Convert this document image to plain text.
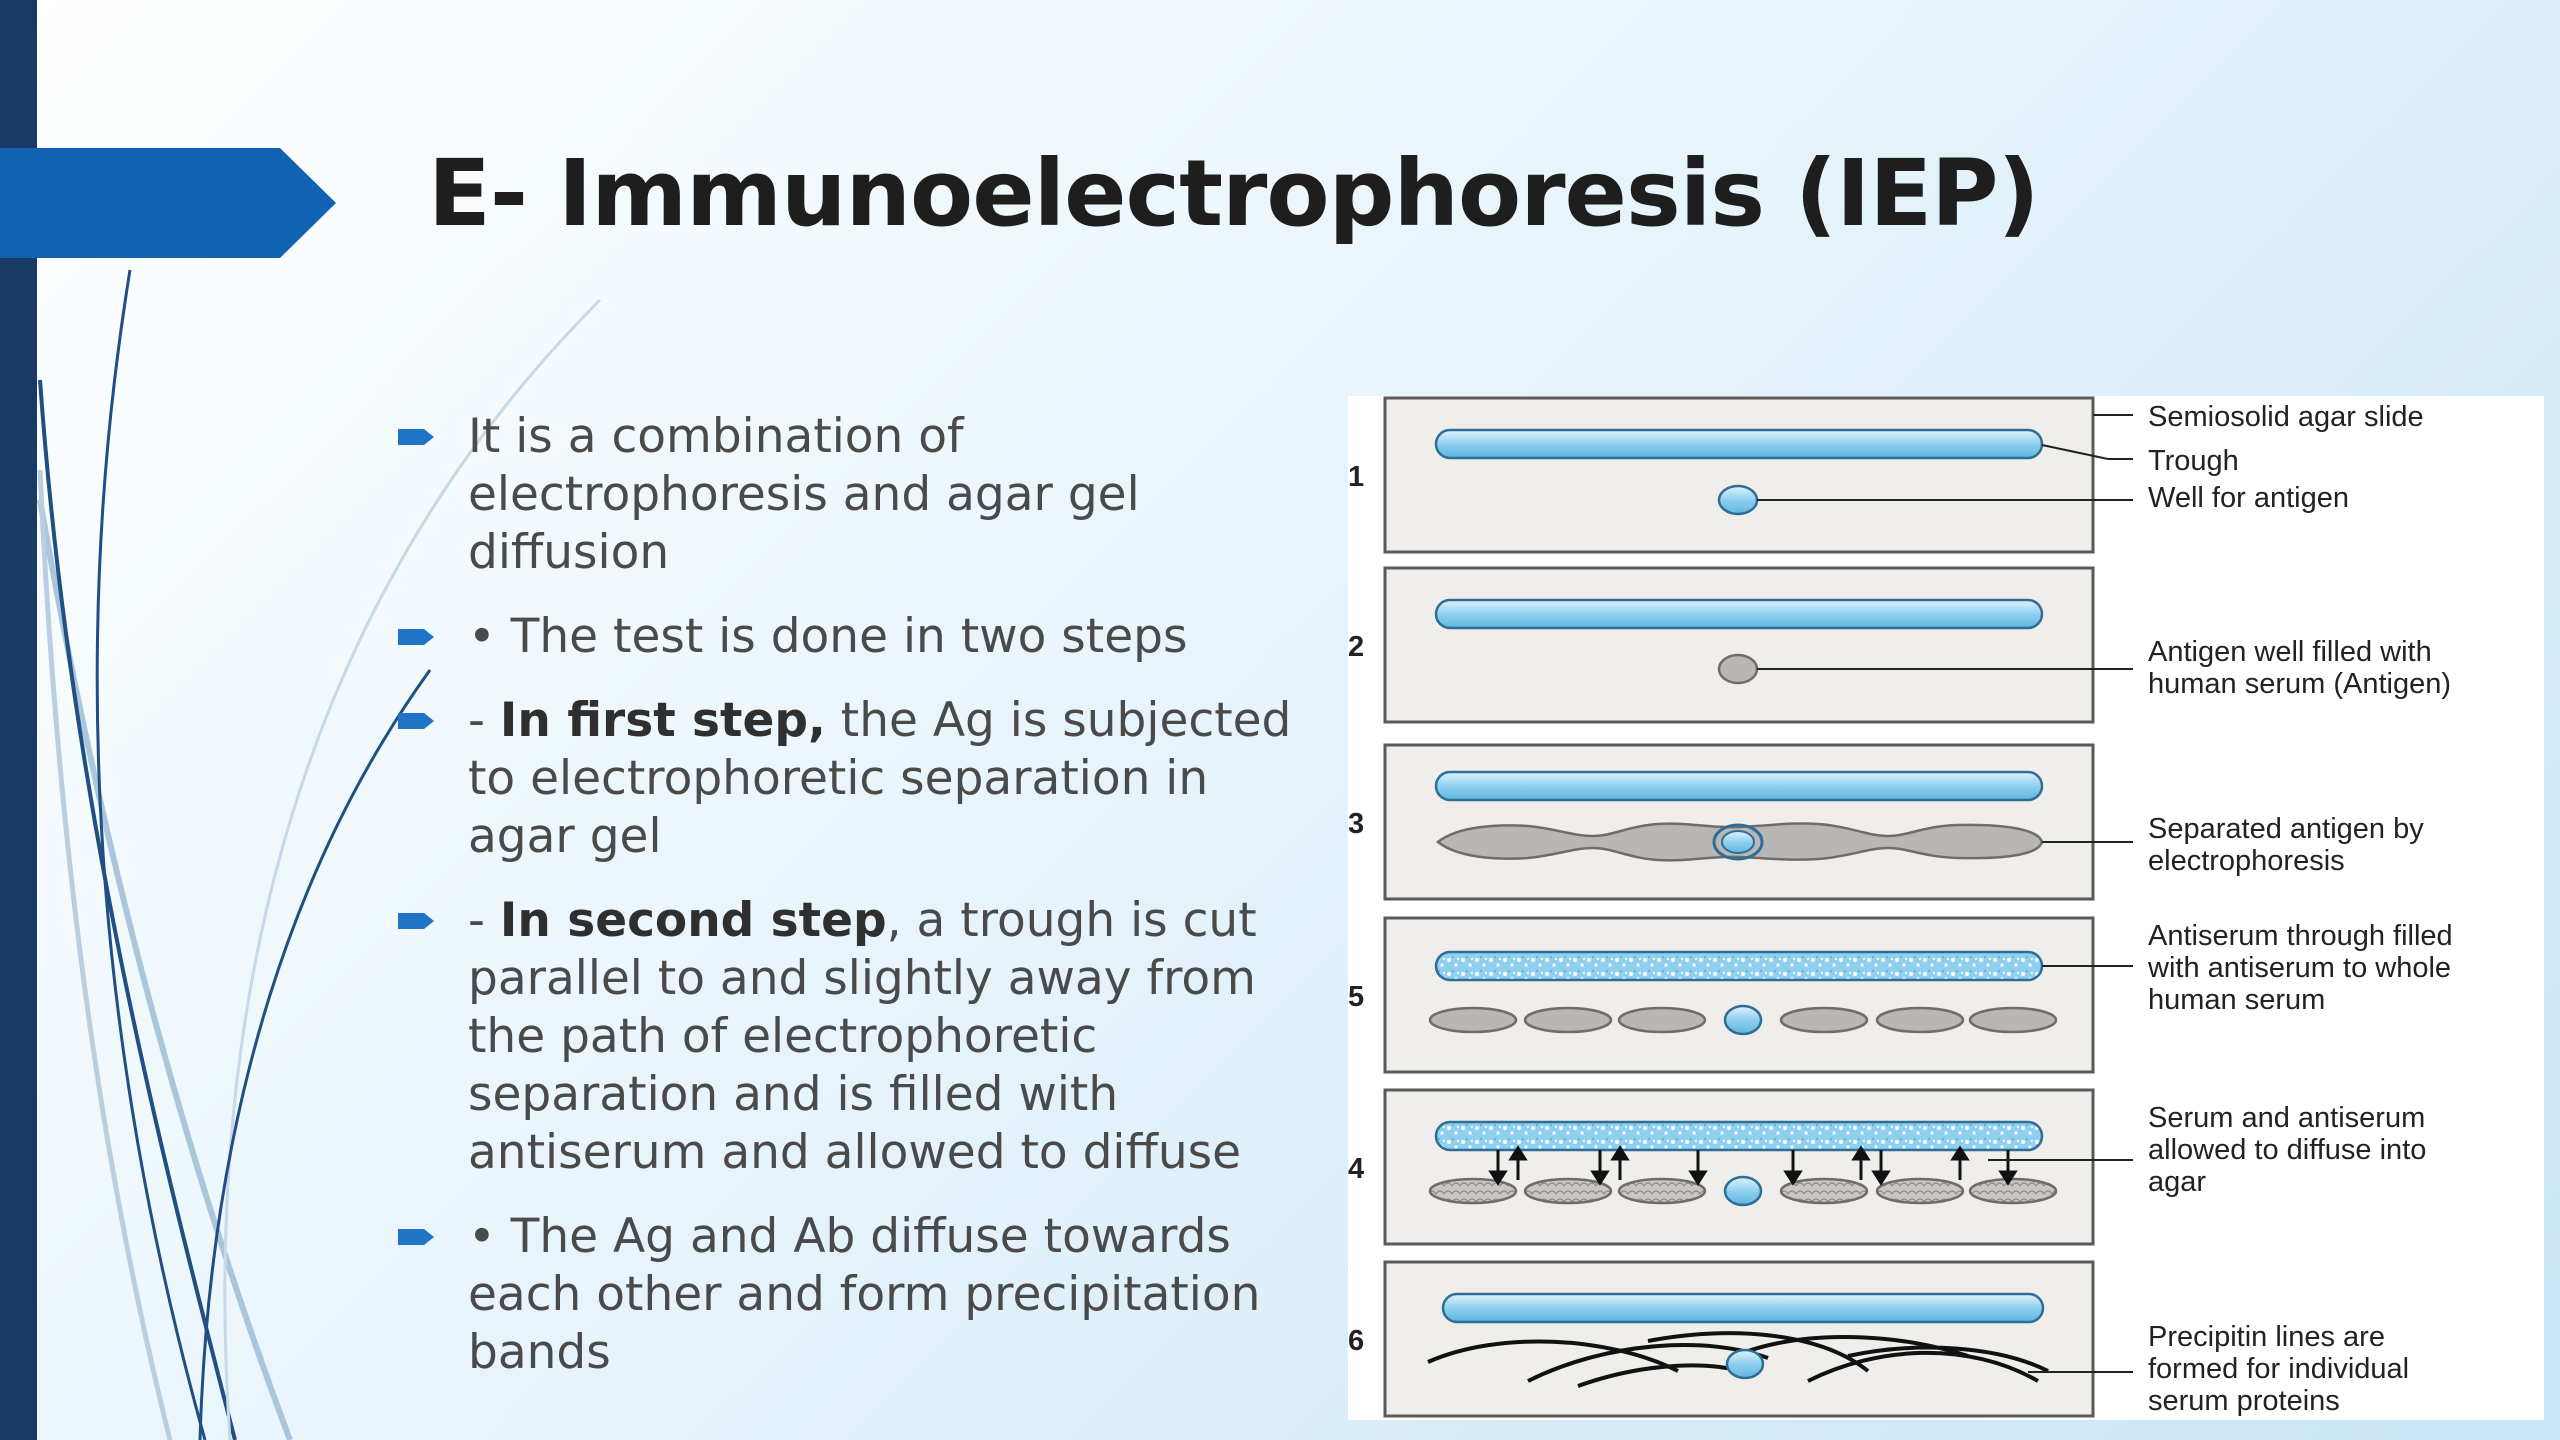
E- Immunoelectrophoresis (IEP)
It is a combination of electrophoresis and agar gel diffusion
• The test is done in two steps
- In first step, the Ag is subjected to electrophoretic separation in agar gel
- In second step, a trough is cut parallel to and slightly away from the path of electrophoretic separation and is filled with antiserum and allowed to diffuse
• The Ag and Ab diffuse towards each other and form precipitation bands
1
Semiosolid agar slide
Trough
Well for antigen
2	Antigen well filled with human serum (Antigen)
3	Separated antigen by electrophoresis
5
Antiserum through filled with antiserum to whole human serum
4
Serum and antiserum allowed to diffuse into agar
6	Precipitin lines are formed for individual serum proteins
